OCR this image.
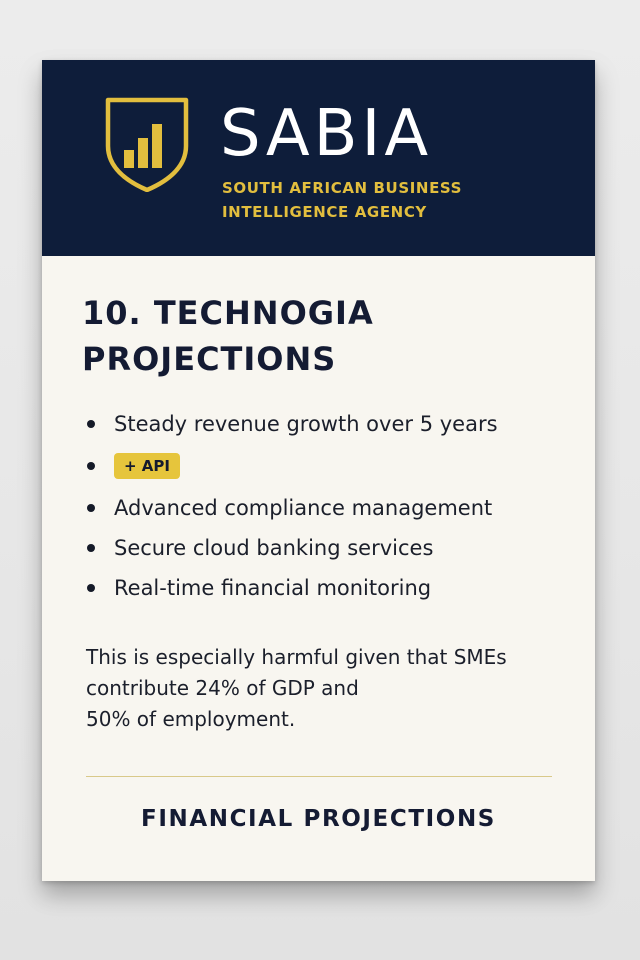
SABIA
SOUTH AFRICAN BUSINESS
INTELLIGENCE AGENCY
10. TECHNOGIA
PROJECTIONS
Steady revenue growth over 5 years
+ API
Advanced compliance management
Secure cloud banking services
Real-time financial monitoring

This is especially harmful given that SMEs
contribute 24% of GDP and
50% of employment.

FINANCIAL PROJECTIONS
